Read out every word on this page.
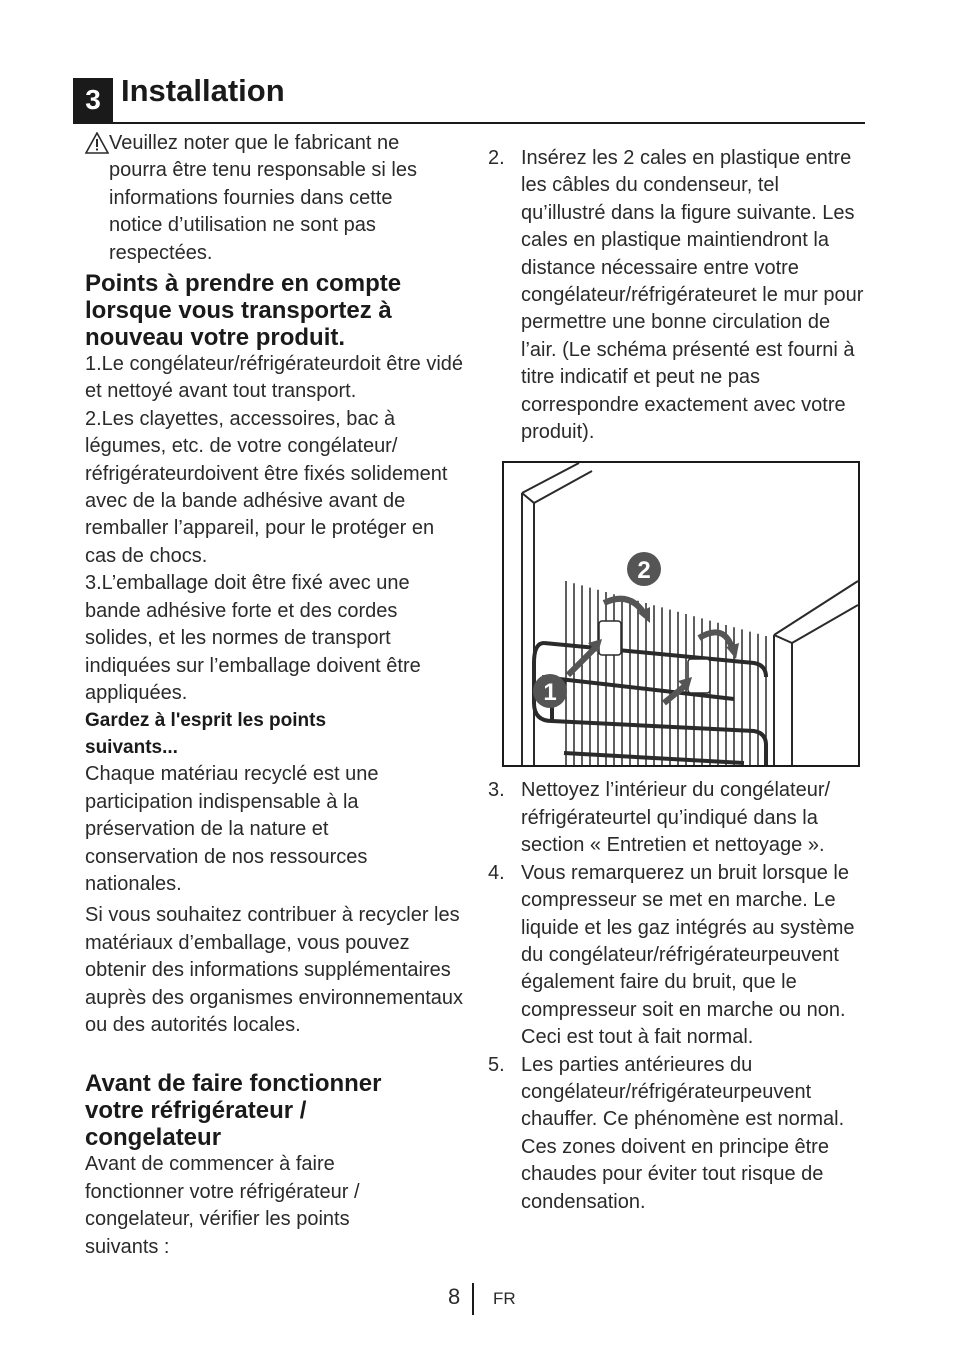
3 Installation

Veuillez noter que le fabricant ne pourra être tenu responsable si les informations fournies dans cette notice d’utilisation ne sont pas respectées.

Points à prendre en compte lorsque vous transportez à nouveau votre produit.

1.Le congélateur/réfrigérateurdoit être vidé et nettoyé avant tout transport.

2.Les clayettes, accessoires, bac à légumes, etc. de votre congélateur/ réfrigérateurdoivent être fixés solidement avec de la bande adhésive avant de remballer l’appareil, pour le protéger en cas de chocs.

3.L’emballage doit être fixé avec une bande adhésive forte et des cordes solides, et les normes de transport indiquées sur l’emballage doivent être appliquées.

Gardez à l'esprit les points suivants...

Chaque matériau recyclé est une participation indispensable à la préservation de la nature et conservation de nos ressources nationales.

Si vous souhaitez contribuer à recycler les matériaux d’emballage, vous pouvez obtenir des informations supplémentaires auprès des organismes environnementaux ou des autorités locales.

Avant de faire fonctionner votre réfrigérateur / congelateur

Avant de commencer à faire fonctionner votre réfrigérateur / congelateur, vérifier les points suivants :

2. Insérez les 2 cales en plastique entre les câbles du condenseur, tel qu’illustré dans la figure suivante. Les cales en plastique maintiendront la distance nécessaire entre votre congélateur/réfrigérateuret le mur pour permettre une bonne circulation de l’air. (Le schéma présenté est fourni à titre indicatif et peut ne pas correspondre exactement avec votre produit).
2
1
3. Nettoyez l’intérieur du congélateur/ réfrigérateurtel qu’indiqué dans la section « Entretien et nettoyage ».
4. Vous remarquerez un bruit lorsque le compresseur se met en marche. Le liquide et les gaz intégrés au système du congélateur/réfrigérateurpeuvent également faire du bruit, que le compresseur soit en marche ou non. Ceci est tout à fait normal.
5. Les parties antérieures du congélateur/réfrigérateurpeuvent chauffer. Ce phénomène est normal. Ces zones doivent en principe être chaudes pour éviter tout risque de condensation.
8 FR
